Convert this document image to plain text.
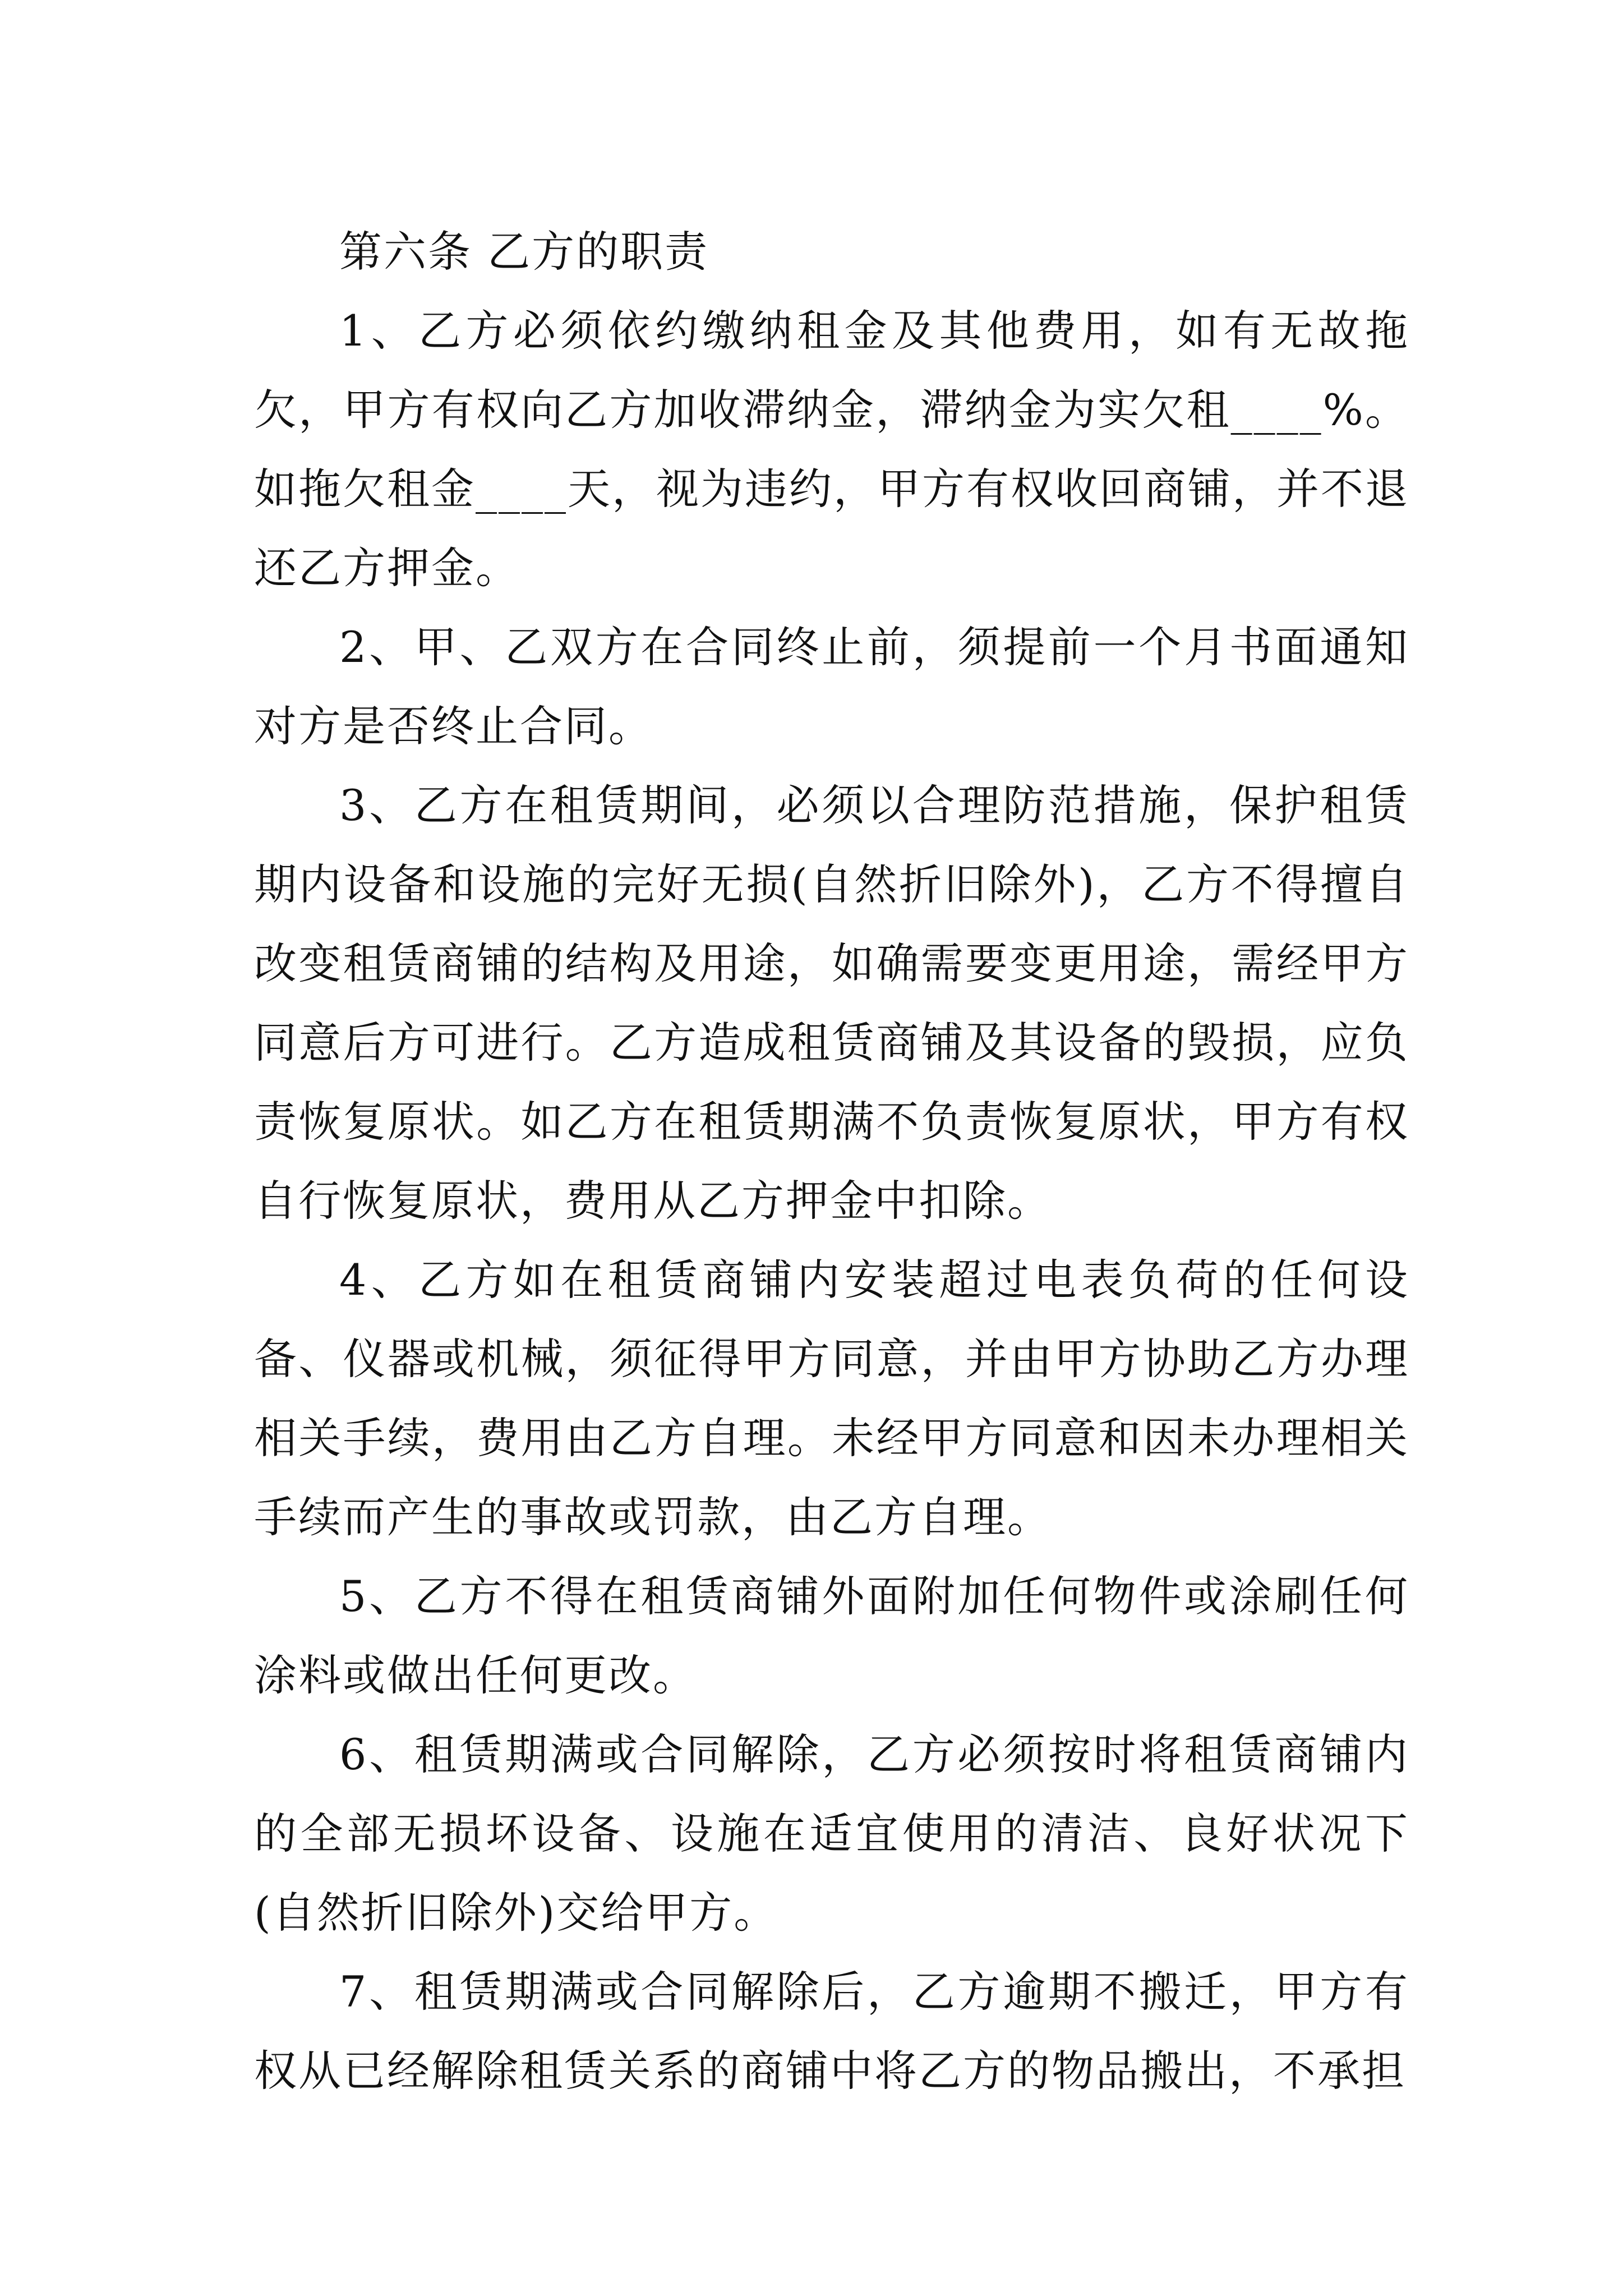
第六条 乙方的职责

1、乙方必须依约缴纳租金及其他费用，如有无故拖欠，甲方有权向乙方加收滞纳金，滞纳金为实欠租____%。如拖欠租金____天，视为违约，甲方有权收回商铺，并不退还乙方押金。

2、甲、乙双方在合同终止前，须提前一个月书面通知对方是否终止合同。

3、乙方在租赁期间，必须以合理防范措施，保护租赁期内设备和设施的完好无损(自然折旧除外)，乙方不得擅自改变租赁商铺的结构及用途，如确需要变更用途，需经甲方同意后方可进行。乙方造成租赁商铺及其设备的毁损，应负责恢复原状。如乙方在租赁期满不负责恢复原状，甲方有权自行恢复原状，费用从乙方押金中扣除。

4、乙方如在租赁商铺内安装超过电表负荷的任何设备、仪器或机械，须征得甲方同意，并由甲方协助乙方办理相关手续，费用由乙方自理。未经甲方同意和因未办理相关手续而产生的事故或罚款，由乙方自理。

5、乙方不得在租赁商铺外面附加任何物件或涂刷任何涂料或做出任何更改。

6、租赁期满或合同解除，乙方必须按时将租赁商铺内的全部无损坏设备、设施在适宜使用的清洁、良好状况下(自然折旧除外)交给甲方。

7、租赁期满或合同解除后，乙方逾期不搬迁，甲方有权从已经解除租赁关系的商铺中将乙方的物品搬出，不承担
